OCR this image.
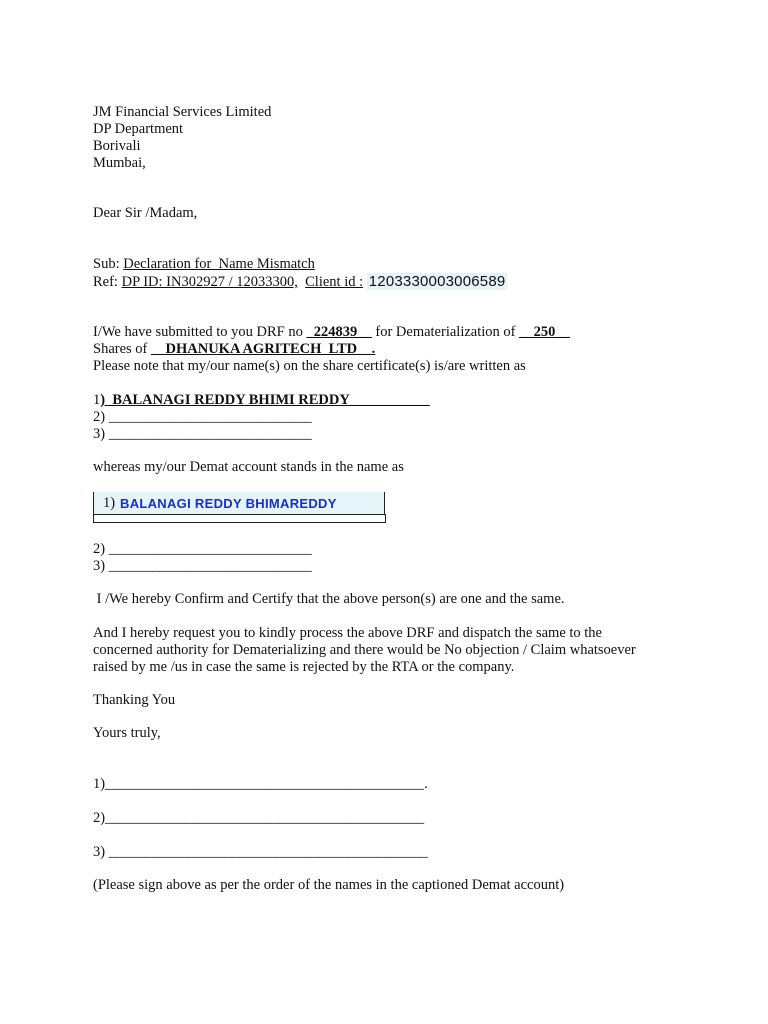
JM Financial Services Limited
DP Department
Borivali
Mumbai,
Dear Sir /Madam,
Sub: Declaration for  Name Mismatch
Ref: DP ID: IN302927 / 12033300, Client id : 1203330003006589
I/We have submitted to you DRF no _224839__ for Dematerialization of __250__
Shares of __DHANUKA AGRITECH  LTD__.
Please note that my/our name(s) on the share certificate(s) is/are written as
1)  BALANAGI REDDY BHIMI REDDY___________
2) ____________________________
3) ____________________________
whereas my/our Demat account stands in the name as
1) BALANAGI REDDY BHIMAREDDY
2) ____________________________
3) ____________________________
I /We hereby Confirm and Certify that the above person(s) are one and the same.
And I hereby request you to kindly process the above DRF and dispatch the same to the
concerned authority for Dematerializing and there would be No objection / Claim whatsoever
raised by me /us in case the same is rejected by the RTA or the company.
Thanking You
Yours truly,
1)____________________________________________.
2)____________________________________________
3) ____________________________________________
(Please sign above as per the order of the names in the captioned Demat account)
